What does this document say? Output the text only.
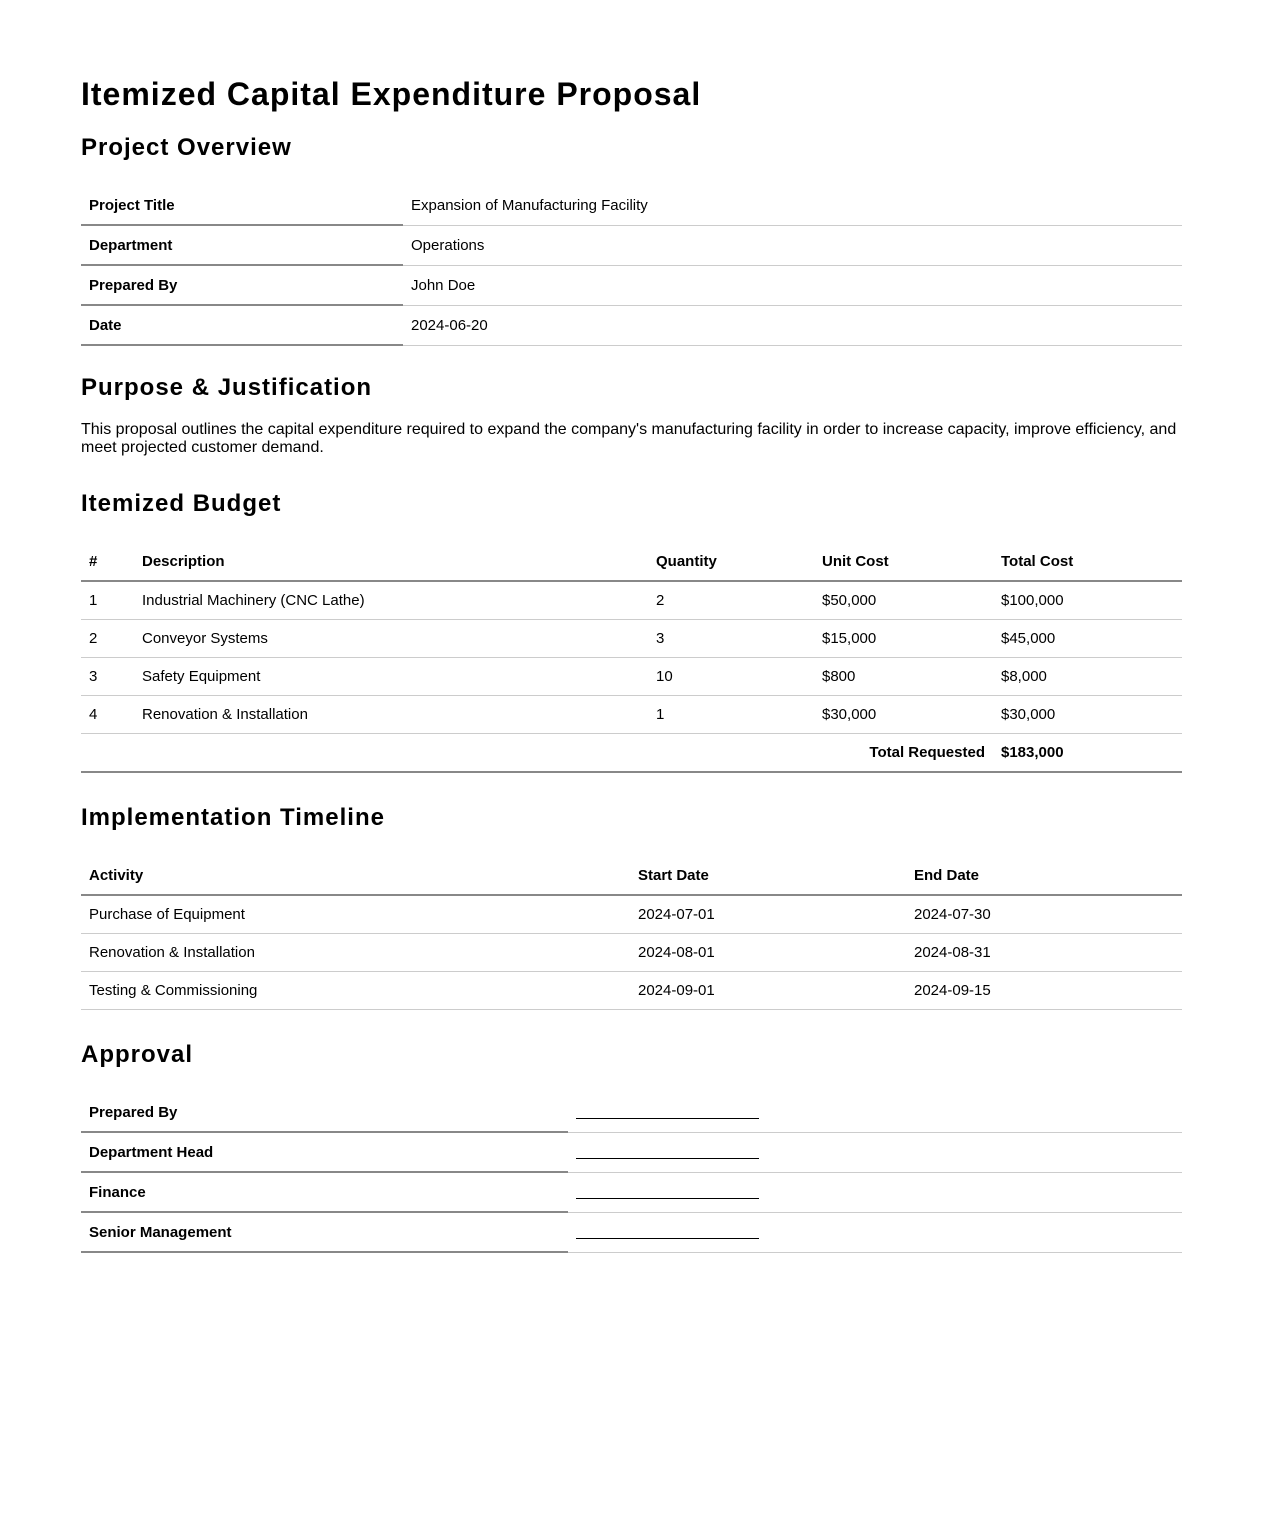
Itemized Capital Expenditure Proposal
Project Overview
Project Title	Expansion of Manufacturing Facility
Department	Operations
Prepared By	John Doe
Date	2024-06-20
Purpose & Justification

This proposal outlines the capital expenditure required to expand the company's manufacturing facility in order to increase capacity, improve efficiency, and meet projected customer demand.

Itemized Budget
#	Description	Quantity	Unit Cost	Total Cost
1	Industrial Machinery (CNC Lathe)	2	$50,000	$100,000
2	Conveyor Systems	3	$15,000	$45,000
3	Safety Equipment	10	$800	$8,000
4	Renovation & Installation	1	$30,000	$30,000
Total Requested				$183,000
Implementation Timeline
Activity	Start Date	End Date
Purchase of Equipment	2024-07-01	2024-07-30
Renovation & Installation	2024-08-01	2024-08-31
Testing & Commissioning	2024-09-01	2024-09-15
Approval
Prepared By	
Department Head	
Finance	
Senior Management	
